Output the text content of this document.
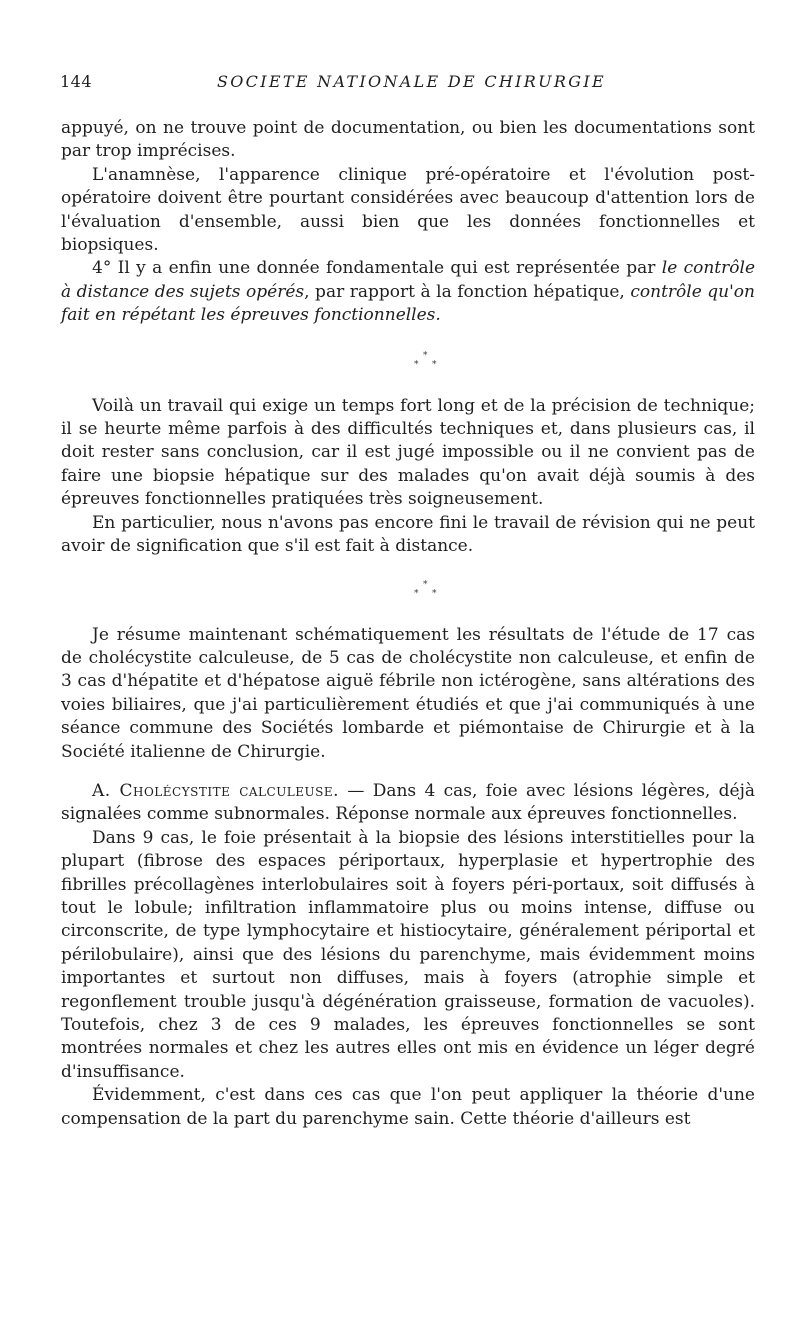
144	SOCIETE NATIONALE DE CHIRURGIE

appuyé, on ne trouve point de documentation, ou bien les documentations sont par trop imprécises.

L'anamnèse, l'apparence clinique pré-opératoire et l'évolution post-opératoire doivent être pourtant considérées avec beaucoup d'attention lors de l'évaluation d'ensemble, aussi bien que les données fonctionnelles et biopsiques.

4° Il y a enfin une donnée fondamentale qui est représentée par le contrôle à distance des sujets opérés, par rapport à la fonction hépatique, contrôle qu'on fait en répétant les épreuves fonctionnelles.

*
* *

Voilà un travail qui exige un temps fort long et de la précision de technique; il se heurte même parfois à des difficultés techniques et, dans plusieurs cas, il doit rester sans conclusion, car il est jugé impossible ou il ne convient pas de faire une biopsie hépatique sur des malades qu'on avait déjà soumis à des épreuves fonctionnelles pratiquées très soigneusement.

En particulier, nous n'avons pas encore fini le travail de révision qui ne peut avoir de signification que s'il est fait à distance.

*
* *

Je résume maintenant schématiquement les résultats de l'étude de 17 cas de cholécystite calculeuse, de 5 cas de cholécystite non calculeuse, et enfin de 3 cas d'hépatite et d'hépatose aiguë fébrile non ictérogène, sans altérations des voies biliaires, que j'ai particulièrement étudiés et que j'ai communiqués à une séance commune des Sociétés lombarde et piémontaise de Chirurgie et à la Société italienne de Chirurgie.

A. Cholécystite calculeuse. — Dans 4 cas, foie avec lésions légères, déjà signalées comme subnormales. Réponse normale aux épreuves fonctionnelles.

Dans 9 cas, le foie présentait à la biopsie des lésions interstitielles pour la plupart (fibrose des espaces périportaux, hyperplasie et hypertrophie des fibrilles précollagènes interlobulaires soit à foyers péri-portaux, soit diffusés à tout le lobule; infiltration inflammatoire plus ou moins intense, diffuse ou circonscrite, de type lymphocytaire et histiocytaire, généralement périportal et périlobulaire), ainsi que des lésions du parenchyme, mais évidemment moins importantes et surtout non diffuses, mais à foyers (atrophie simple et regonflement trouble jusqu'à dégénération graisseuse, formation de vacuoles). Toutefois, chez 3 de ces 9 malades, les épreuves fonctionnelles se sont montrées normales et chez les autres elles ont mis en évidence un léger degré d'insuffisance.

Évidemment, c'est dans ces cas que l'on peut appliquer la théorie d'une compensation de la part du parenchyme sain. Cette théorie d'ailleurs est
